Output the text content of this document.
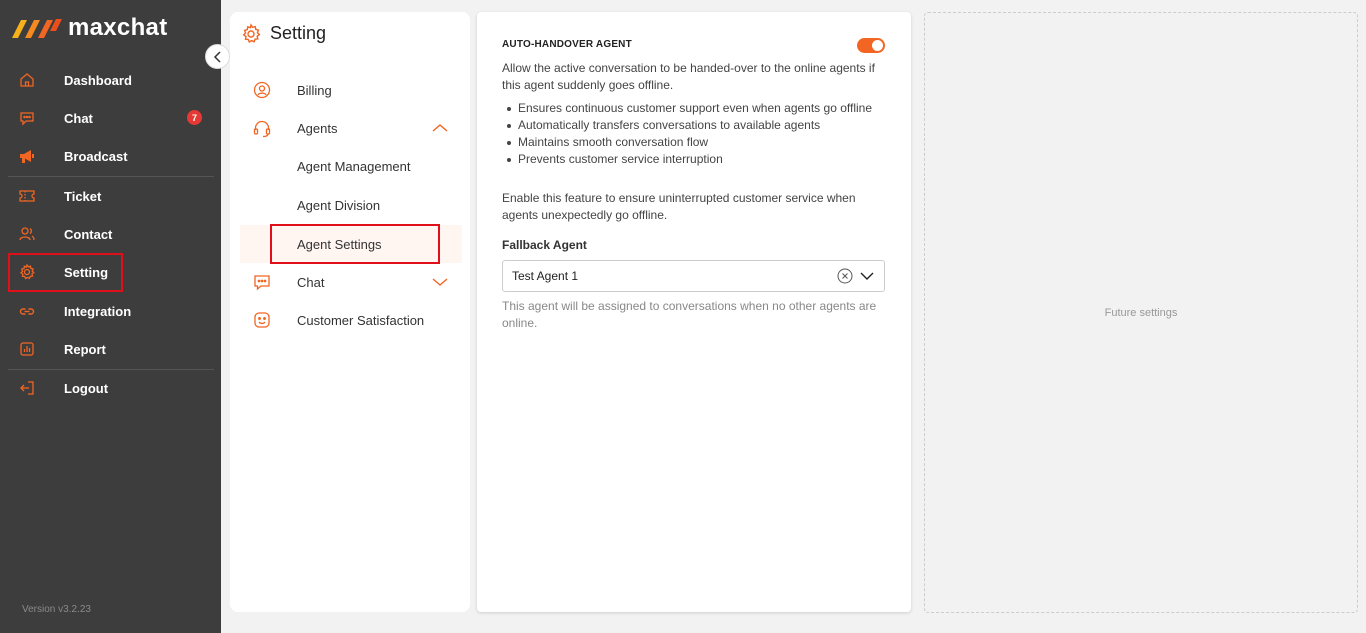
maxchat
Dashboard
Chat	7
Broadcast
Ticket
Contact
Setting
Integration
Report
Logout
Version v3.2.23
Setting
Billing
Agents
Agent Management
Agent Division
Agent Settings
Chat
Customer Satisfaction
AUTO-HANDOVER AGENT
Allow the active conversation to be handed-over to the online agents if this agent suddenly goes offline.
Ensures continuous customer support even when agents go offline
Automatically transfers conversations to available agents
Maintains smooth conversation flow
Prevents customer service interruption
Enable this feature to ensure uninterrupted customer service when agents unexpectedly go offline.
Fallback Agent
Test Agent 1
This agent will be assigned to conversations when no other agents are online.
Future settings
